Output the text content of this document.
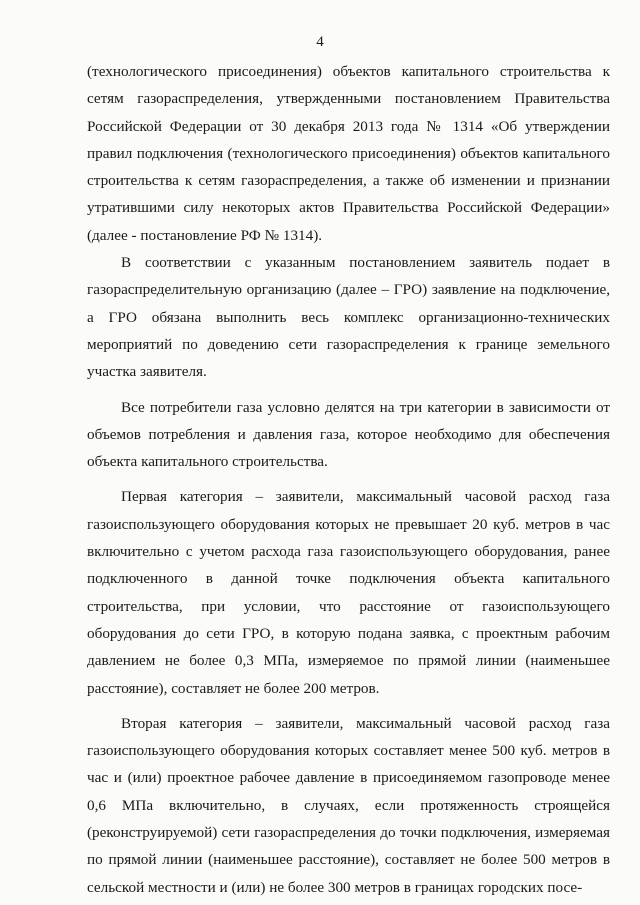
4

(технологического присоединения) объектов капитального строительства к сетям газораспределения, утвержденными постановлением Правительства Российской Федерации от 30 декабря 2013 года № 1314 «Об утверждении правил подключения (технологического присоединения) объектов капитального строительства к сетям газораспределения, а также об изменении и признании утратившими силу некоторых актов Правительства Российской Федерации» (далее - постановление РФ № 1314).

В соответствии с указанным постановлением заявитель подает в газораспределительную организацию (далее – ГРО) заявление на подключение, а ГРО обязана выполнить весь комплекс организационно-технических мероприятий по доведению сети газораспределения к границе земельного участка заявителя.

Все потребители газа условно делятся на три категории в зависимости от объемов потребления и давления газа, которое необходимо для обеспечения объекта капитального строительства.

Первая категория – заявители, максимальный часовой расход газа газоиспользующего оборудования которых не превышает 20 куб. метров в час включительно с учетом расхода газа газоиспользующего оборудования, ранее подключенного в данной точке подключения объекта капитального строительства, при условии, что расстояние от газоиспользующего оборудования до сети ГРО, в которую подана заявка, с проектным рабочим давлением не более 0,3 МПа, измеряемое по прямой линии (наименьшее расстояние), составляет не более 200 метров.

Вторая категория – заявители, максимальный часовой расход газа газоиспользующего оборудования которых составляет менее 500 куб. метров в час и (или) проектное рабочее давление в присоединяемом газопроводе менее 0,6 МПа включительно, в случаях, если протяженность строящейся (реконструируемой) сети газораспределения до точки подключения, измеряемая по прямой линии (наименьшее расстояние), составляет не более 500 метров в сельской местности и (или) не более 300 метров в границах городских посе-
